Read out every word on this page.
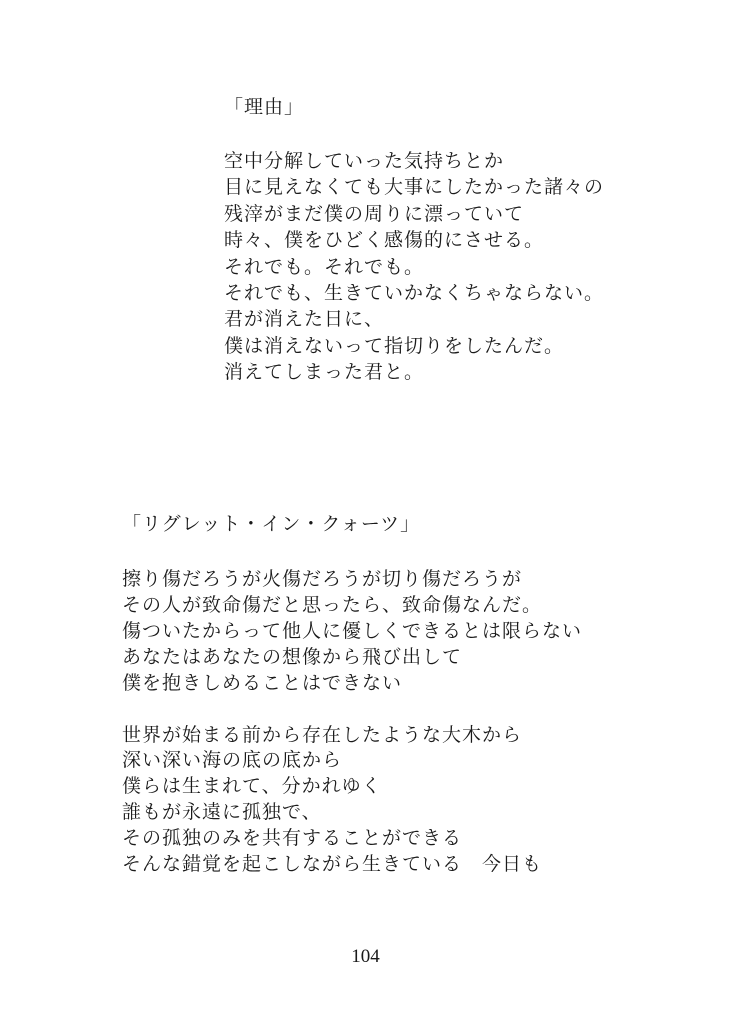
「理由」

空中分解していった気持ちとか
目に見えなくても大事にしたかった諸々の
残滓がまだ僕の周りに漂っていて
時々、僕をひどく感傷的にさせる。
それでも。それでも。
それでも、生きていかなくちゃならない。
君が消えた日に、
僕は消えないって指切りをしたんだ。
消えてしまった君と。

「リグレット・イン・クォーツ」

擦り傷だろうが火傷だろうが切り傷だろうが
その人が致命傷だと思ったら、致命傷なんだ。
傷ついたからって他人に優しくできるとは限らない
あなたはあなたの想像から飛び出して
僕を抱きしめることはできない
世界が始まる前から存在したような大木から
深い深い海の底の底から
僕らは生まれて、分かれゆく
誰もが永遠に孤独で、
その孤独のみを共有することができる
そんな錯覚を起こしながら生きている　今日も
104
